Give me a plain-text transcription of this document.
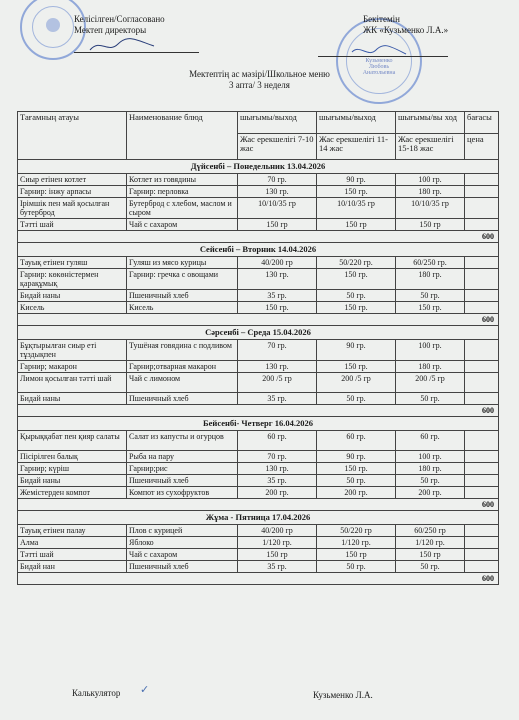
Кузьменко
Любовь
Анатольевна
Келісілген/Согласовано
Мектеп директоры
Бекітемін
ЖК «Кузьменко Л.А.»
Мектептің ас мәзірі/Школьное меню
3 апта/ 3 неделя
Тағамның атауы	Наименование блюд	шығымы/выход	шығымы/выход	шығымы/вы ход	бағасы
		Жас ерекшелігі 7-10 жас	Жас ерекшелігі 11-14 жас	Жас ерекшелігі 15-18 жас	цена
Дүйсенбі – Понедельник 13.04.2026					
Сиыр етінен котлет	Котлет из говядины	70 гр.	90 гр.	100 гр.	
Гарнир: інжу арпасы	Гарнир: перловка	130 гр.	150 гр.	180 гр.	
Ірімшік пен май қосылған бутерброд	Бутерброд с хлебом, маслом и сыром	10/10/35 гр	10/10/35 гр	10/10/35 гр	
Тәтті шай	Чай с сахаром	150 гр	150 гр	150 гр	
600					
Сейсенбі – Вторник 14.04.2026					
Тауық етінен гуляш	Гуляш из мясо курицы	40/200 гр	50/220 гр.	60/250 гр.	
Гарнир: көкөністермен қарақұмық	Гарнир: гречка с овощами	130 гр.	150 гр.	180 гр.	
Бидай наны	Пшеничный хлеб	35 гр.	50 гр.	50 гр.	
Кисель	Кисель	150 гр.	150 гр.	150 гр.	
600					
Сәрсенбі – Среда 15.04.2026					
Бұқтырылған сиыр еті тұздықпен	Тушёная говядина с подливом	70 гр.	90 гр.	100 гр.	
Гарнир; макарон	Гарнир;отварная макарон	130 гр.	150 гр.	180 гр.	
Лимон қосылған тәтті шай	Чай с лимоном	200 /5 гр	200 /5 гр	200 /5 гр	
Бидай наны	Пшеничный хлеб	35 гр.	50 гр.	50 гр.	
600					
Бейсенбі- Четверг 16.04.2026					
Қырыққабат пен қияр салаты	Салат из капусты и огурцов	60 гр.	60 гр.	60 гр.	
Пісірілген балық	Рыба на пару	70 гр.	90 гр.	100 гр.	
Гарнир; күріш	Гарнир;рис	130 гр.	150 гр.	180 гр.	
Бидай наны	Пшеничный хлеб	35 гр.	50 гр.	50 гр.	
Жемістерден компот	Компот из сухофруктов	200 гр.	200 гр.	200 гр.	
600					
Жұма - Пятница 17.04.2026					
Тауық етінен палау	Плов с курицей	40/200 гр	50/220 гр	60/250 гр	
Алма	Яблоко	1/120 гр.	1/120 гр.	1/120 гр.	
Тәтті шай	Чай с сахаром	150 гр	150 гр	150 гр	
Бидай нан	Пшеничный хлеб	35 гр.	50 гр.	50 гр.	
600					
Калькулятор ✓	Кузьменко Л.А.
